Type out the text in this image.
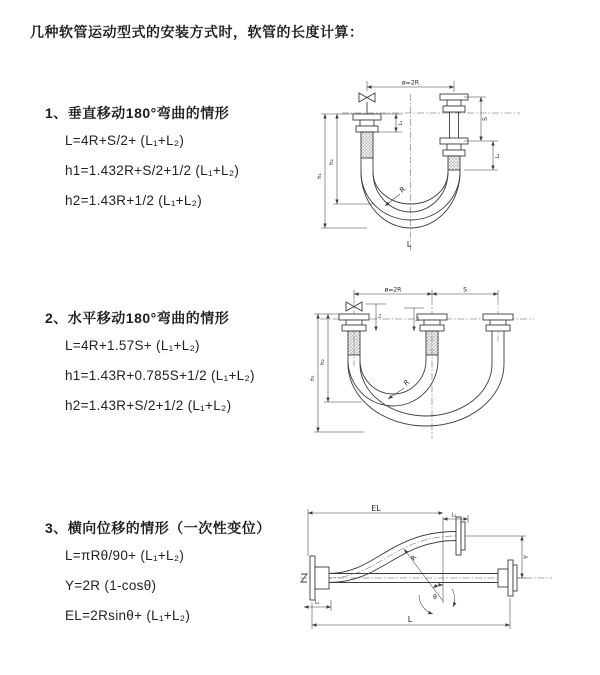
几种软管运动型式的安装方式时，软管的长度计算：
1、垂直移动180°弯曲的情形
L=4R+S/2+ (L₁+L₂)
h1=1.432R+S/2+1/2 (L₁+L₂)
h2=1.43R+1/2 (L₁+L₂)
ø=2R
S
L₂
L₁
h₁
h₂
R
L
2、水平移动180°弯曲的情形
L=4R+1.57S+ (L₁+L₂)
h1=1.43R+0.785S+1/2 (L₁+L₂)
h2=1.43R+S/2+1/2 (L₁+L₂)
ø=2R	S
L₁
L₂
h₁
h₂
R
3、横向位移的情形（一次性变位）
L=πRθ/90+ (L₁+L₂)
Y=2R (1-cosθ)
EL=2Rsinθ+ (L₁+L₂)
EL
L₂
Y
R
θ
L
L₁
